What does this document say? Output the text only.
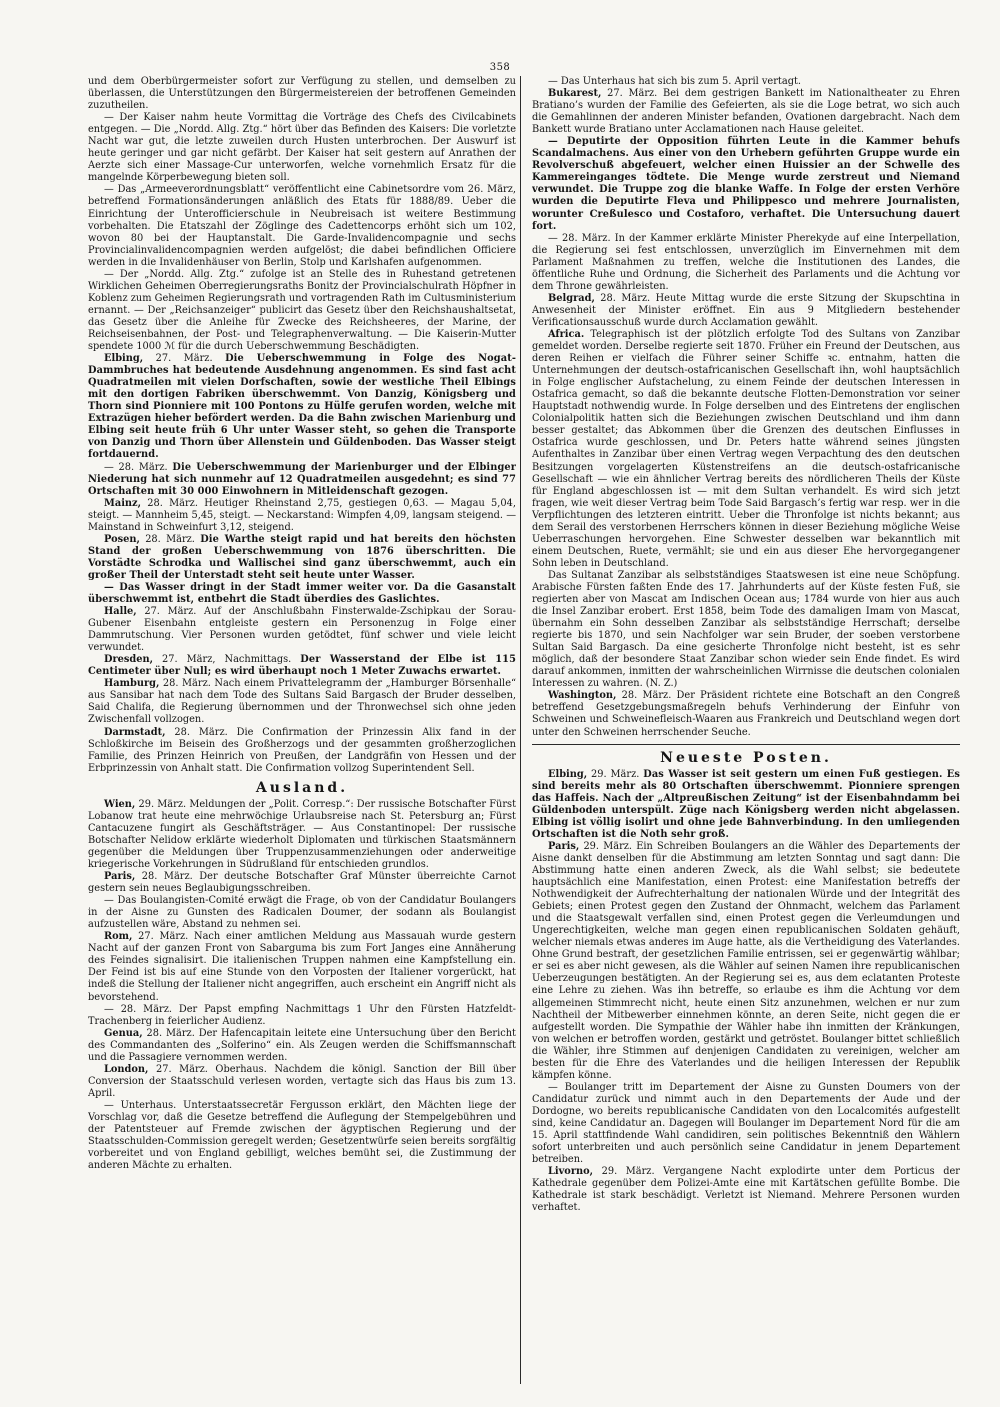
358

und dem Oberbürgermeister sofort zur Verfügung zu stellen, und demselben zu überlassen, die Unterstützungen den Bürgermeistereien der betroffenen Gemeinden zuzutheilen.

— Der Kaiser nahm heute Vormittag die Vorträge des Chefs des Civilcabinets entgegen. — Die „Nordd. Allg. Ztg.“ hört über das Befinden des Kaisers: Die vorletzte Nacht war gut, die letzte zuweilen durch Husten unterbrochen. Der Auswurf ist heute geringer und gar nicht gefärbt. Der Kaiser hat seit gestern auf Anrathen der Aerzte sich einer Massage-Cur unterworfen, welche vornehmlich Ersatz für die mangelnde Körperbewegung bieten soll.

— Das „Armeeverordnungsblatt“ veröffentlicht eine Cabinetsordre vom 26. März, betreffend Formationsänderungen anläßlich des Etats für 1888/89. Ueber die Einrichtung der Unterofficierschule in Neubreisach ist weitere Bestimmung vorbehalten. Die Etatszahl der Zöglinge des Cadettencorps erhöht sich um 102, wovon 80 bei der Hauptanstalt. Die Garde-Invalidencompagnie und sechs Provincialinvalidencompagnien werden aufgelöst; die dabei befindlichen Officiere werden in die Invalidenhäuser von Berlin, Stolp und Karlshafen aufgenommen.

— Der „Nordd. Allg. Ztg.“ zufolge ist an Stelle des in Ruhestand getretenen Wirklichen Geheimen Oberregierungsraths Bonitz der Provincialschulrath Höpfner in Koblenz zum Geheimen Regierungsrath und vortragenden Rath im Cultusministerium ernannt. — Der „Reichsanzeiger“ publicirt das Gesetz über den Reichshaushaltsetat, das Gesetz über die Anleihe für Zwecke des Reichsheeres, der Marine, der Reichseisenbahnen, der Post- und Telegraphenverwaltung. — Die Kaiserin-Mutter spendete 1000 ℳ für die durch Ueberschwemmung Beschädigten.

Elbing, 27. März. Die Ueberschwemmung in Folge des Nogat-Dammbruches hat bedeutende Ausdehnung angenommen. Es sind fast acht Quadratmeilen mit vielen Dorfschaften, sowie der westliche Theil Elbings mit den dortigen Fabriken überschwemmt. Von Danzig, Königsberg und Thorn sind Pionniere mit 100 Pontons zu Hülfe gerufen worden, welche mit Extrazügen hieher befördert werden. Da die Bahn zwischen Marienburg und Elbing seit heute früh 6 Uhr unter Wasser steht, so gehen die Transporte von Danzig und Thorn über Allenstein und Güldenboden. Das Wasser steigt fortdauernd.

— 28. März. Die Ueberschwemmung der Marienburger und der Elbinger Niederung hat sich nunmehr auf 12 Quadratmeilen ausgedehnt; es sind 77 Ortschaften mit 30 000 Einwohnern in Mitleidenschaft gezogen.

Mainz, 28. März. Heutiger Rheinstand 2,75, gestiegen 0,63. — Magau 5,04, steigt. — Mannheim 5,45, steigt. — Neckarstand: Wimpfen 4,09, langsam steigend. — Mainstand in Schweinfurt 3,12, steigend.

Posen, 28. März. Die Warthe steigt rapid und hat bereits den höchsten Stand der großen Ueberschwemmung von 1876 überschritten. Die Vorstädte Schrodka und Wallischei sind ganz überschwemmt, auch ein großer Theil der Unterstadt steht seit heute unter Wasser.

— Das Wasser dringt in der Stadt immer weiter vor. Da die Gasanstalt überschwemmt ist, entbehrt die Stadt überdies des Gaslichtes.

Halle, 27. März. Auf der Anschlußbahn Finsterwalde-Zschipkau der Sorau-Gubener Eisenbahn entgleiste gestern ein Personenzug in Folge einer Dammrutschung. Vier Personen wurden getödtet, fünf schwer und viele leicht verwundet.

Dresden, 27. März, Nachmittags. Der Wasserstand der Elbe ist 115 Centimeter über Null; es wird überhaupt noch 1 Meter Zuwachs erwartet.

Hamburg, 28. März. Nach einem Privattelegramm der „Hamburger Börsenhalle“ aus Sansibar hat nach dem Tode des Sultans Said Bargasch der Bruder desselben, Said Chalifa, die Regierung übernommen und der Thronwechsel sich ohne jeden Zwischenfall vollzogen.

Darmstadt, 28. März. Die Confirmation der Prinzessin Alix fand in der Schloßkirche im Beisein des Großherzogs und der gesammten großherzoglichen Familie, des Prinzen Heinrich von Preußen, der Landgräfin von Hessen und der Erbprinzessin von Anhalt statt. Die Confirmation vollzog Superintendent Sell.

Ausland.

Wien, 29. März. Meldungen der „Polit. Corresp.“: Der russische Botschafter Fürst Lobanow trat heute eine mehrwöchige Urlaubsreise nach St. Petersburg an; Fürst Cantacuzene fungirt als Geschäftsträger. — Aus Constantinopel: Der russische Botschafter Nelidow erklärte wiederholt Diplomaten und türkischen Staatsmännern gegenüber die Meldungen über Truppenzusammenziehungen oder anderweitige kriegerische Vorkehrungen in Südrußland für entschieden grundlos.

Paris, 28. März. Der deutsche Botschafter Graf Münster überreichte Carnot gestern sein neues Beglaubigungsschreiben.

— Das Boulangisten-Comité erwägt die Frage, ob von der Candidatur Boulangers in der Aisne zu Gunsten des Radicalen Doumer, der sodann als Boulangist aufzustellen wäre, Abstand zu nehmen sei.

Rom, 27. März. Nach einer amtlichen Meldung aus Massauah wurde gestern Nacht auf der ganzen Front von Sabarguma bis zum Fort Janges eine Annäherung des Feindes signalisirt. Die italienischen Truppen nahmen eine Kampfstellung ein. Der Feind ist bis auf eine Stunde von den Vorposten der Italiener vorgerückt, hat indeß die Stellung der Italiener nicht angegriffen, auch erscheint ein Angriff nicht als bevorstehend.

— 28. März. Der Papst empfing Nachmittags 1 Uhr den Fürsten Hatzfeldt-Trachenberg in feierlicher Audienz.

Genua, 28. März. Der Hafencapitain leitete eine Untersuchung über den Bericht des Commandanten des „Solferino“ ein. Als Zeugen werden die Schiffsmannschaft und die Passagiere vernommen werden.

London, 27. März. Oberhaus. Nachdem die königl. Sanction der Bill über Conversion der Staatsschuld verlesen worden, vertagte sich das Haus bis zum 13. April.

— Unterhaus. Unterstaatssecretär Fergusson erklärt, den Mächten liege der Vorschlag vor, daß die Gesetze betreffend die Auflegung der Stempelgebühren und der Patentsteuer auf Fremde zwischen der ägyptischen Regierung und der Staatsschulden-Commission geregelt werden; Gesetzentwürfe seien bereits sorgfältig vorbereitet und von England gebilligt, welches bemüht sei, die Zustimmung der anderen Mächte zu erhalten.

— Das Unterhaus hat sich bis zum 5. April vertagt.

Bukarest, 27. März. Bei dem gestrigen Bankett im Nationaltheater zu Ehren Bratiano’s wurden der Familie des Gefeierten, als sie die Loge betrat, wo sich auch die Gemahlinnen der anderen Minister befanden, Ovationen dargebracht. Nach dem Bankett wurde Bratiano unter Acclamationen nach Hause geleitet.

— Deputirte der Opposition führten Leute in die Kammer behufs Scandalmachens. Aus einer von den Urhebern geführten Gruppe wurde ein Revolverschuß abgefeuert, welcher einen Huissier an der Schwelle des Kammereinganges tödtete. Die Menge wurde zerstreut und Niemand verwundet. Die Truppe zog die blanke Waffe. In Folge der ersten Verhöre wurden die Deputirte Fleva und Philippesco und mehrere Journalisten, worunter Creßulesco und Costaforo, verhaftet. Die Untersuchung dauert fort.

— 28. März. In der Kammer erklärte Minister Pherekyde auf eine Interpellation, die Regierung sei fest entschlossen, unverzüglich im Einvernehmen mit dem Parlament Maßnahmen zu treffen, welche die Institutionen des Landes, die öffentliche Ruhe und Ordnung, die Sicherheit des Parlaments und die Achtung vor dem Throne gewährleisten.

Belgrad, 28. März. Heute Mittag wurde die erste Sitzung der Skupschtina in Anwesenheit der Minister eröffnet. Ein aus 9 Mitgliedern bestehender Verificationsausschuß wurde durch Acclamation gewählt.

Africa. Telegraphisch ist der plötzlich erfolgte Tod des Sultans von Zanzibar gemeldet worden. Derselbe regierte seit 1870. Früher ein Freund der Deutschen, aus deren Reihen er vielfach die Führer seiner Schiffe ꝛc. entnahm, hatten die Unternehmungen der deutsch-ostafricanischen Gesellschaft ihn, wohl hauptsächlich in Folge englischer Aufstachelung, zu einem Feinde der deutschen Interessen in Ostafrica gemacht, so daß die bekannte deutsche Flotten-Demonstration vor seiner Hauptstadt nothwendig wurde. In Folge derselben und des Eintretens der englischen Colonialpolitik hatten sich die Beziehungen zwischen Deutschland und ihm dann besser gestaltet; das Abkommen über die Grenzen des deutschen Einflusses in Ostafrica wurde geschlossen, und Dr. Peters hatte während seines jüngsten Aufenthaltes in Zanzibar über einen Vertrag wegen Verpachtung des den deutschen Besitzungen vorgelagerten Küstenstreifens an die deutsch-ostafricanische Gesellschaft — wie ein ähnlicher Vertrag bereits des nördlicheren Theils der Küste für England abgeschlossen ist — mit dem Sultan verhandelt. Es wird sich jetzt fragen, wie weit dieser Vertrag beim Tode Said Bargasch’s fertig war resp. wer in die Verpflichtungen des letzteren eintritt. Ueber die Thronfolge ist nichts bekannt; aus dem Serail des verstorbenen Herrschers können in dieser Beziehung mögliche Weise Ueberraschungen hervorgehen. Eine Schwester desselben war bekanntlich mit einem Deutschen, Ruete, vermählt; sie und ein aus dieser Ehe hervorgegangener Sohn leben in Deutschland.

Das Sultanat Zanzibar als selbstständiges Staatswesen ist eine neue Schöpfung. Arabische Fürsten faßten Ende des 17. Jahrhunderts auf der Küste festen Fuß, sie regierten aber von Mascat am Indischen Ocean aus; 1784 wurde von hier aus auch die Insel Zanzibar erobert. Erst 1858, beim Tode des damaligen Imam von Mascat, übernahm ein Sohn desselben Zanzibar als selbstständige Herrschaft; derselbe regierte bis 1870, und sein Nachfolger war sein Bruder, der soeben verstorbene Sultan Said Bargasch. Da eine gesicherte Thronfolge nicht besteht, ist es sehr möglich, daß der besondere Staat Zanzibar schon wieder sein Ende findet. Es wird darauf ankommen, inmitten der wahrscheinlichen Wirrnisse die deutschen colonialen Interessen zu wahren. (N. Z.)

Washington, 28. März. Der Präsident richtete eine Botschaft an den Congreß betreffend Gesetzgebungsmaßregeln behufs Verhinderung der Einfuhr von Schweinen und Schweinefleisch-Waaren aus Frankreich und Deutschland wegen dort unter den Schweinen herrschender Seuche.

Neueste Posten.

Elbing, 29. März. Das Wasser ist seit gestern um einen Fuß gestiegen. Es sind bereits mehr als 80 Ortschaften überschwemmt. Pionniere sprengen das Haffeis. Nach der „Altpreußischen Zeitung“ ist der Eisenbahndamm bei Güldenboden unterspült. Züge nach Königsberg werden nicht abgelassen. Elbing ist völlig isolirt und ohne jede Bahnverbindung. In den umliegenden Ortschaften ist die Noth sehr groß.

Paris, 29. März. Ein Schreiben Boulangers an die Wähler des Departements der Aisne dankt denselben für die Abstimmung am letzten Sonntag und sagt dann: Die Abstimmung hatte einen anderen Zweck, als die Wahl selbst; sie bedeutete hauptsächlich eine Manifestation, einen Protest: eine Manifestation betreffs der Nothwendigkeit der Aufrechterhaltung der nationalen Würde und der Integrität des Gebiets; einen Protest gegen den Zustand der Ohnmacht, welchem das Parlament und die Staatsgewalt verfallen sind, einen Protest gegen die Verleumdungen und Ungerechtigkeiten, welche man gegen einen republicanischen Soldaten gehäuft, welcher niemals etwas anderes im Auge hatte, als die Vertheidigung des Vaterlandes. Ohne Grund bestraft, der gesetzlichen Familie entrissen, sei er gegenwärtig wählbar; er sei es aber nicht gewesen, als die Wähler auf seinen Namen ihre republicanischen Ueberzeugungen bestätigten. An der Regierung sei es, aus dem eclatanten Proteste eine Lehre zu ziehen. Was ihn betreffe, so erlaube es ihm die Achtung vor dem allgemeinen Stimmrecht nicht, heute einen Sitz anzunehmen, welchen er nur zum Nachtheil der Mitbewerber einnehmen könnte, an deren Seite, nicht gegen die er aufgestellt worden. Die Sympathie der Wähler habe ihn inmitten der Kränkungen, von welchen er betroffen worden, gestärkt und getröstet. Boulanger bittet schließlich die Wähler, ihre Stimmen auf denjenigen Candidaten zu vereinigen, welcher am besten für die Ehre des Vaterlandes und die heiligen Interessen der Republik kämpfen könne.

— Boulanger tritt im Departement der Aisne zu Gunsten Doumers von der Candidatur zurück und nimmt auch in den Departements der Aude und der Dordogne, wo bereits republicanische Candidaten von den Localcomités aufgestellt sind, keine Candidatur an. Dagegen will Boulanger im Departement Nord für die am 15. April stattfindende Wahl candidiren, sein politisches Bekenntniß den Wählern sofort unterbreiten und auch persönlich seine Candidatur in jenem Departement betreiben.

Livorno, 29. März. Vergangene Nacht explodirte unter dem Porticus der Kathedrale gegenüber dem Polizei-Amte eine mit Kartätschen gefüllte Bombe. Die Kathedrale ist stark beschädigt. Verletzt ist Niemand. Mehrere Personen wurden verhaftet.
